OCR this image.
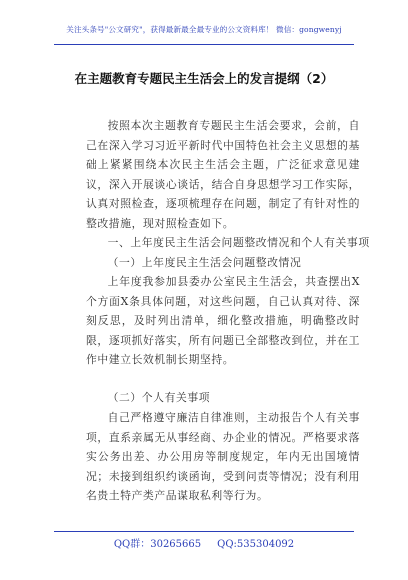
关注头条号"公文研究"，获得最新最全最专业的公文资料库！ 微信：gongwenyj
在主题教育专题民主生活会上的发言提纲（2）

按照本次主题教育专题民主生活会要求，会前，自己在深入学习习近平新时代中国特色社会主义思想的基础上紧紧围绕本次民主生活会主题，广泛征求意见建议，深入开展谈心谈话，结合自身思想学习工作实际，认真对照检查，逐项梳理存在问题，制定了有针对性的整改措施，现对照检查如下。

一、上年度民主生活会问题整改情况和个人有关事项
（一）上年度民主生活会问题整改情况

上年度我参加县委办公室民主生活会，共查摆出X个方面X条具体问题，对这些问题，自己认真对待、深刻反思，及时列出清单，细化整改措施，明确整改时限，逐项抓好落实，所有问题已全部整改到位，并在工作中建立长效机制长期坚持。

（二）个人有关事项

自己严格遵守廉洁自律准则，主动报告个人有关事项，直系亲属无从事经商、办企业的情况。严格要求落实公务出差、办公用房等制度规定，年内无出国境情况；未接到组织约谈函询，受到问责等情况；没有利用名贵土特产类产品谋取私利等行为。

QQ群：30265665 QQ:535304092
